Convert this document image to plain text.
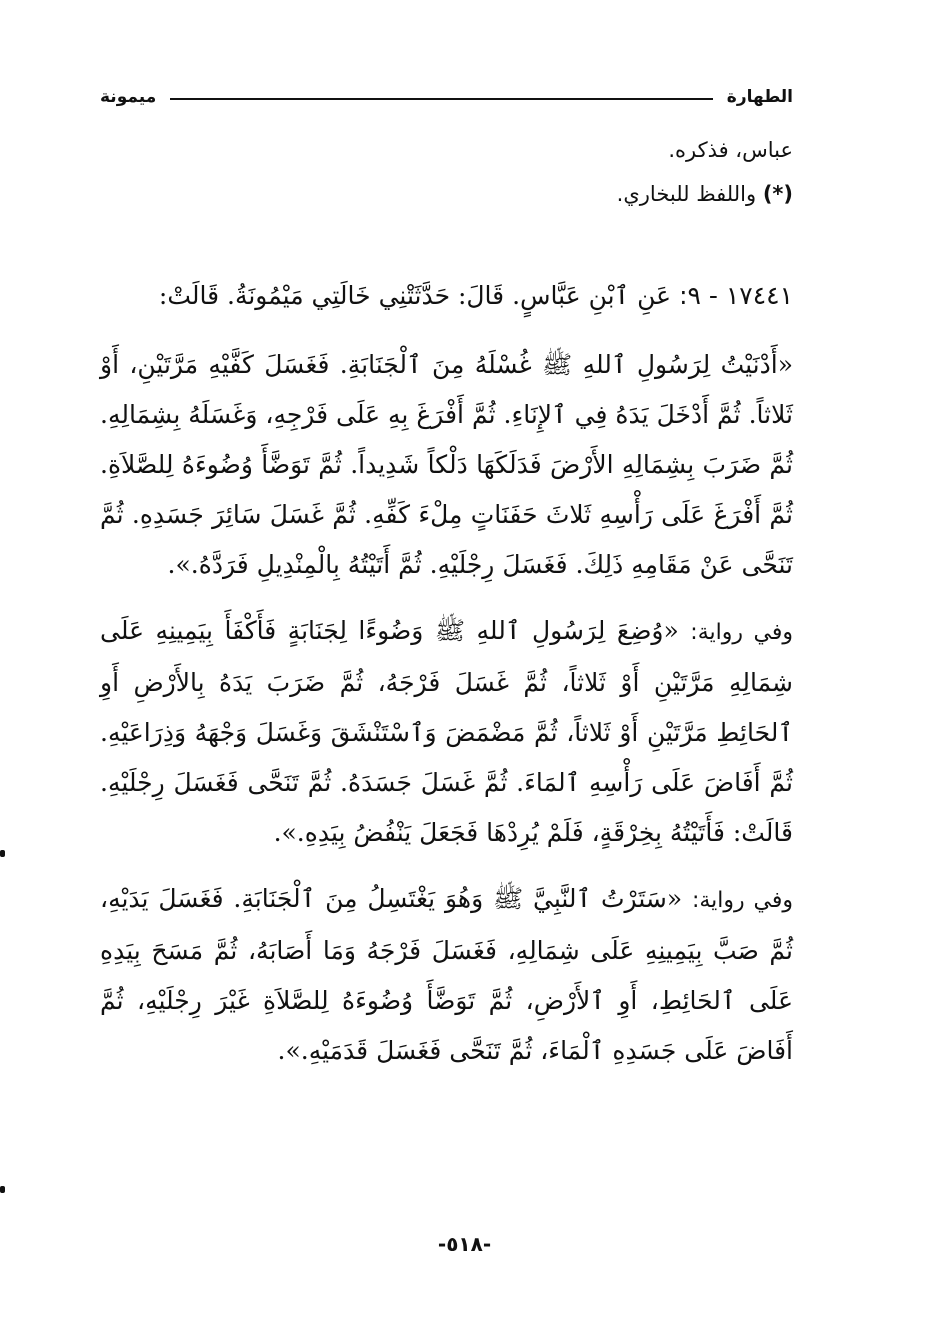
الطهارة
ميمونة

عباس، فذكره.

(*) واللفظ للبخاري.

١٧٤٤١ - ٩: عَنِ ٱبْنِ عَبَّاسٍ. قَالَ: حَدَّثَتْنِي خَالَتِي مَيْمُونَةُ. قَالَتْ:

«أَدْنَيْتُ لِرَسُولِ ٱللهِ ﷺ غُسْلَهُ مِنَ ٱلْجَنَابَةِ. فَغَسَلَ كَفَّيْهِ مَرَّتَيْنِ، أَوْ ثَلاثاً. ثُمَّ أَدْخَلَ يَدَهُ فِي ٱلإِنَاءِ. ثُمَّ أَفْرَغَ بِهِ عَلَى فَرْجِهِ، وَغَسَلَهُ بِشِمَالِهِ. ثُمَّ ضَرَبَ بِشِمَالِهِ الأَرْضَ فَدَلَكَهَا دَلْكاً شَدِيداً. ثُمَّ تَوَضَّأَ وُضُوءَهُ لِلصَّلاَةِ. ثُمَّ أَفْرَغَ عَلَى رَأْسِهِ ثَلاثَ حَفَنَاتٍ مِلْءَ كَفِّهِ. ثُمَّ غَسَلَ سَائِرَ جَسَدِهِ. ثُمَّ تَنَحَّى عَنْ مَقَامِهِ ذَلِكَ. فَغَسَلَ رِجْلَيْهِ. ثُمَّ أَتَيْتُهُ بِالْمِنْدِيلِ فَرَدَّهُ.».

وفي رواية: «وُضِعَ لِرَسُولِ ٱللهِ ﷺ وَضُوءًا لِجَنَابَةٍ فَأَكْفَأَ بِيَمِينِهِ عَلَى شِمَالِهِ مَرَّتَيْنِ أَوْ ثَلاثاً، ثُمَّ غَسَلَ فَرْجَهُ، ثُمَّ ضَرَبَ يَدَهُ بِالأَرْضِ أَوِ ٱلحَائِطِ مَرَّتَيْنِ أَوْ ثَلاثاً، ثُمَّ مَضْمَضَ وَٱسْتَنْشَقَ وَغَسَلَ وَجْهَهُ وَذِرَاعَيْهِ. ثُمَّ أَفَاضَ عَلَى رَأْسِهِ ٱلمَاءَ. ثُمَّ غَسَلَ جَسَدَهُ. ثُمَّ تَنَحَّى فَغَسَلَ رِجْلَيْهِ. قَالَتْ: فَأَتَيْتُهُ بِخِرْقَةٍ، فَلَمْ يُرِدْهَا فَجَعَلَ يَنْفُضُ بِيَدِهِ.».

وفي رواية: «سَتَرْتُ ٱلنَّبِيَّ ﷺ وَهُوَ يَغْتَسِلُ مِنَ ٱلْجَنَابَةِ. فَغَسَلَ يَدَيْهِ، ثُمَّ صَبَّ بِيَمِينِهِ عَلَى شِمَالِهِ، فَغَسَلَ فَرْجَهُ وَمَا أَصَابَهُ، ثُمَّ مَسَحَ بِيَدِهِ عَلَى ٱلحَائِطِ، أَوِ ٱلأَرْضِ، ثُمَّ تَوَضَّأَ وُضُوءَهُ لِلصَّلاَةِ غَيْرَ رِجْلَيْهِ، ثُمَّ أَفَاضَ عَلَى جَسَدِهِ ٱلْمَاءَ، ثُمَّ تَنَحَّى فَغَسَلَ قَدَمَيْهِ.».

-٥١٨-
